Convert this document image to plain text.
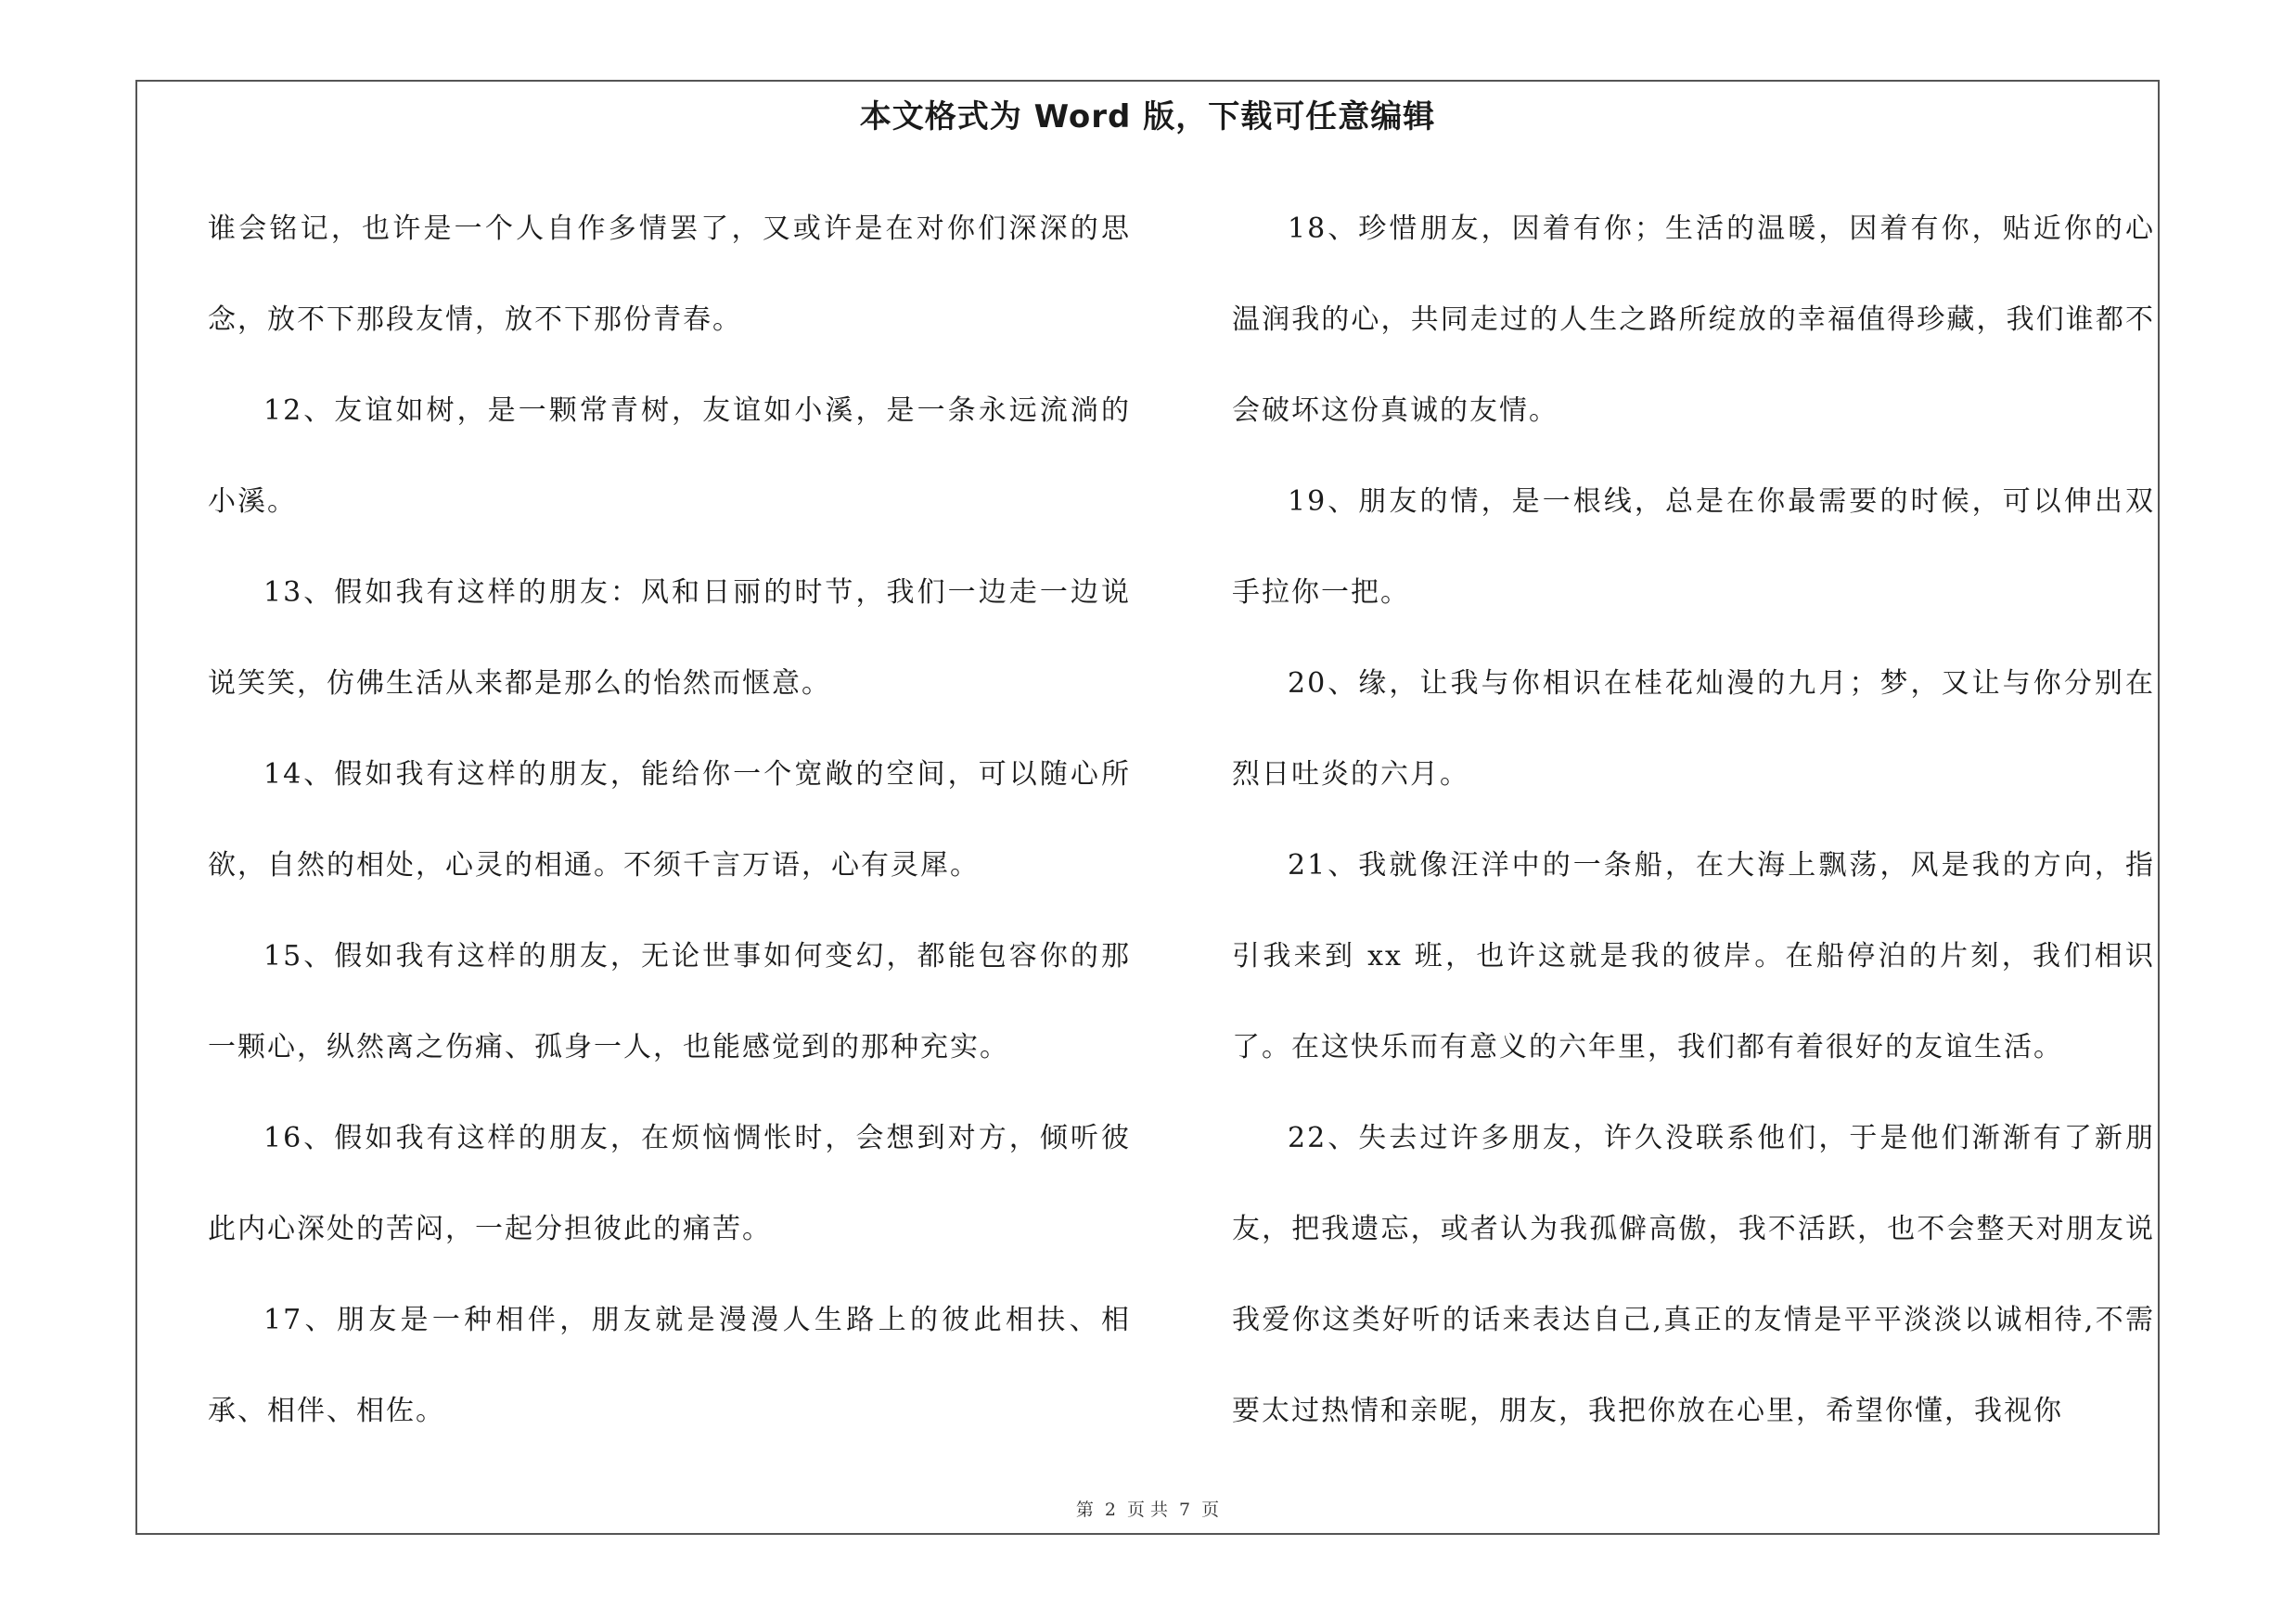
本文格式为 Word 版，下载可任意编辑

谁会铭记，也许是一个人自作多情罢了，又或许是在对你们深深的思念，放不下那段友情，放不下那份青春。

12、友谊如树，是一颗常青树，友谊如小溪，是一条永远流淌的小溪。

13、假如我有这样的朋友：风和日丽的时节，我们一边走一边说说笑笑，仿佛生活从来都是那么的怡然而惬意。

14、假如我有这样的朋友，能给你一个宽敞的空间，可以随心所欲，自然的相处，心灵的相通。不须千言万语，心有灵犀。

15、假如我有这样的朋友，无论世事如何变幻，都能包容你的那一颗心，纵然离之伤痛、孤身一人，也能感觉到的那种充实。

16、假如我有这样的朋友，在烦恼惆怅时，会想到对方，倾听彼此内心深处的苦闷，一起分担彼此的痛苦。

17、朋友是一种相伴，朋友就是漫漫人生路上的彼此相扶、相承、相伴、相佐。

18、珍惜朋友，因着有你；生活的温暖，因着有你，贴近你的心温润我的心，共同走过的人生之路所绽放的幸福值得珍藏，我们谁都不会破坏这份真诚的友情。

19、朋友的情，是一根线，总是在你最需要的时候，可以伸出双手拉你一把。

20、缘，让我与你相识在桂花灿漫的九月；梦，又让与你分别在烈日吐炎的六月。

21、我就像汪洋中的一条船，在大海上飘荡，风是我的方向，指引我来到 xx 班，也许这就是我的彼岸。在船停泊的片刻，我们相识了。在这快乐而有意义的六年里，我们都有着很好的友谊生活。

22、失去过许多朋友，许久没联系他们，于是他们渐渐有了新朋友，把我遗忘，或者认为我孤僻高傲，我不活跃，也不会整天对朋友说我爱你这类好听的话来表达自己,真正的友情是平平淡淡以诚相待,不需要太过热情和亲昵，朋友，我把你放在心里，希望你懂，我视你

第 2 页 共 7 页
